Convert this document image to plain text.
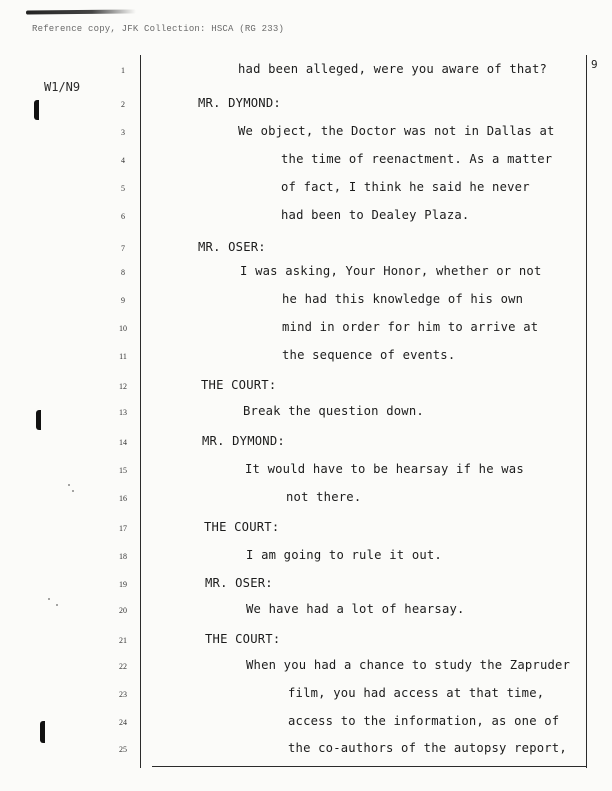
Reference copy, JFK Collection: HSCA (RG 233)
W1/N9
9
1	had been alleged, were you aware of that?
2	MR. DYMOND:
3	We object, the Doctor was not in Dallas at
4	the time of reenactment. As a matter
5	of fact, I think he said he never
6	had been to Dealey Plaza.
7	MR. OSER:
8	I was asking, Your Honor, whether or not
9	he had this knowledge of his own
10	mind in order for him to arrive at
11	the sequence of events.
12	THE COURT:
13	Break the question down.
14	MR. DYMOND:
15	It would have to be hearsay if he was
16	not there.
17	THE COURT:
18	I am going to rule it out.
19	MR. OSER:
20	We have had a lot of hearsay.
21	THE COURT:
22	When you had a chance to study the Zapruder
23	film, you had access at that time,
24	access to the information, as one of
25	the co-authors of the autopsy report,
